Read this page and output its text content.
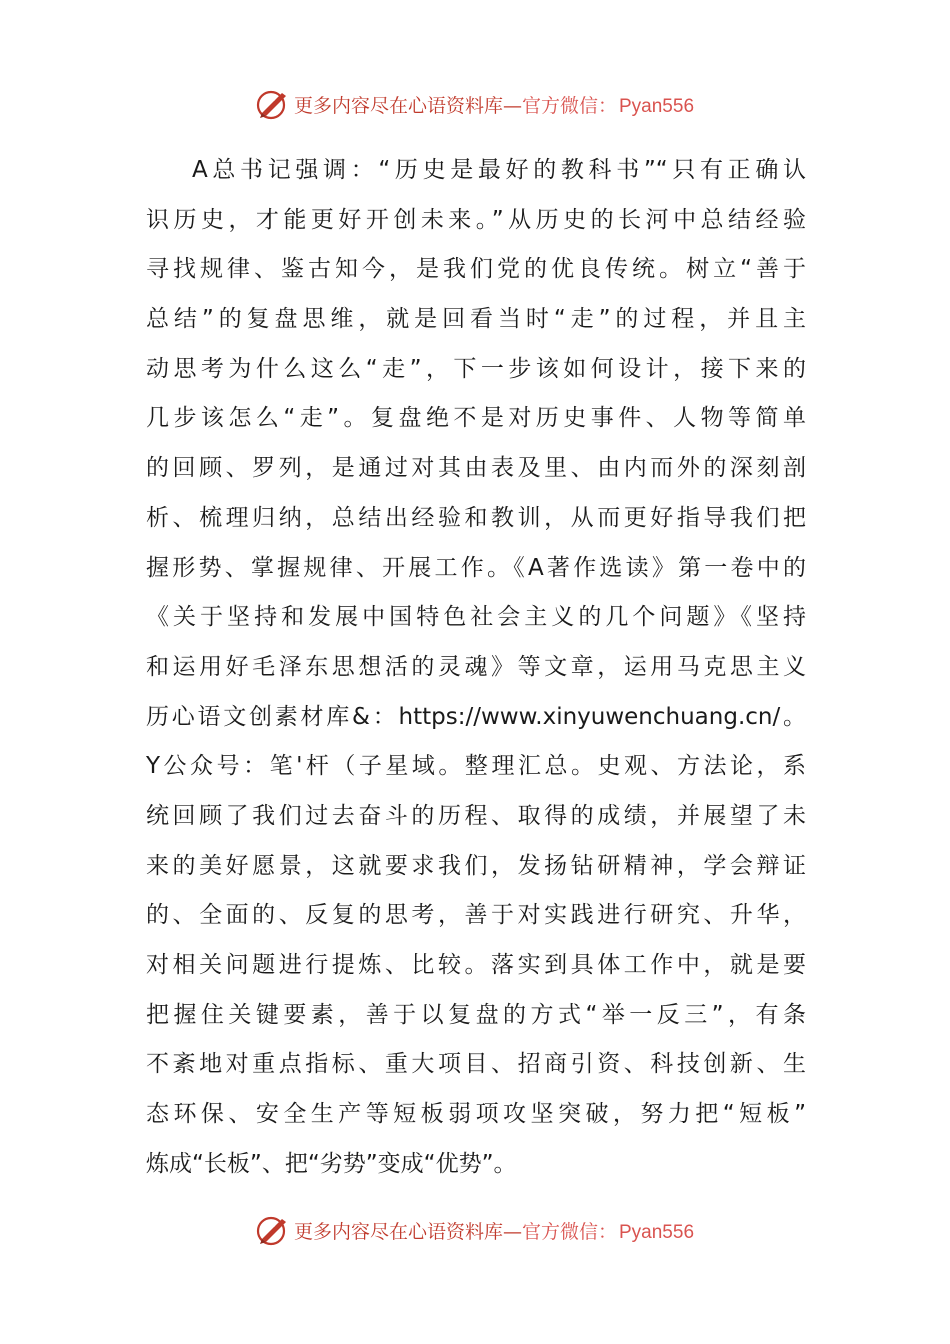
更多内容尽在心语资料库—官方微信： Pyan556
A总书记强调：“历史是最好的教科书”“只有正确认
识历史，才能更好开创未来。”从历史的长河中总结经验
寻找规律、鉴古知今，是我们党的优良传统。树立“善于
总结”的复盘思维，就是回看当时“走”的过程，并且主
动思考为什么这么“走”，下一步该如何设计，接下来的
几步该怎么“走”。复盘绝不是对历史事件、人物等简单
的回顾、罗列，是通过对其由表及里、由内而外的深刻剖
析、梳理归纳，总结出经验和教训，从而更好指导我们把
握形势、掌握规律、开展工作。《A著作选读》第一卷中的
《关于坚持和发展中国特色社会主义的几个问题》《坚持
和运用好毛泽东思想活的灵魂》等文章，运用马克思主义
历心语文创素材库&：https://www.xinyuwenchuang.cn/。
Y公众号：笔'杆（子星域。整理汇总。史观、方法论，系
统回顾了我们过去奋斗的历程、取得的成绩，并展望了未
来的美好愿景，这就要求我们，发扬钻研精神，学会辩证
的、全面的、反复的思考，善于对实践进行研究、升华，
对相关问题进行提炼、比较。落实到具体工作中，就是要
把握住关键要素，善于以复盘的方式“举一反三”，有条
不紊地对重点指标、重大项目、招商引资、科技创新、生
态环保、安全生产等短板弱项攻坚突破，努力把“短板”
炼成“长板”、把“劣势”变成“优势”。
更多内容尽在心语资料库—官方微信： Pyan556
